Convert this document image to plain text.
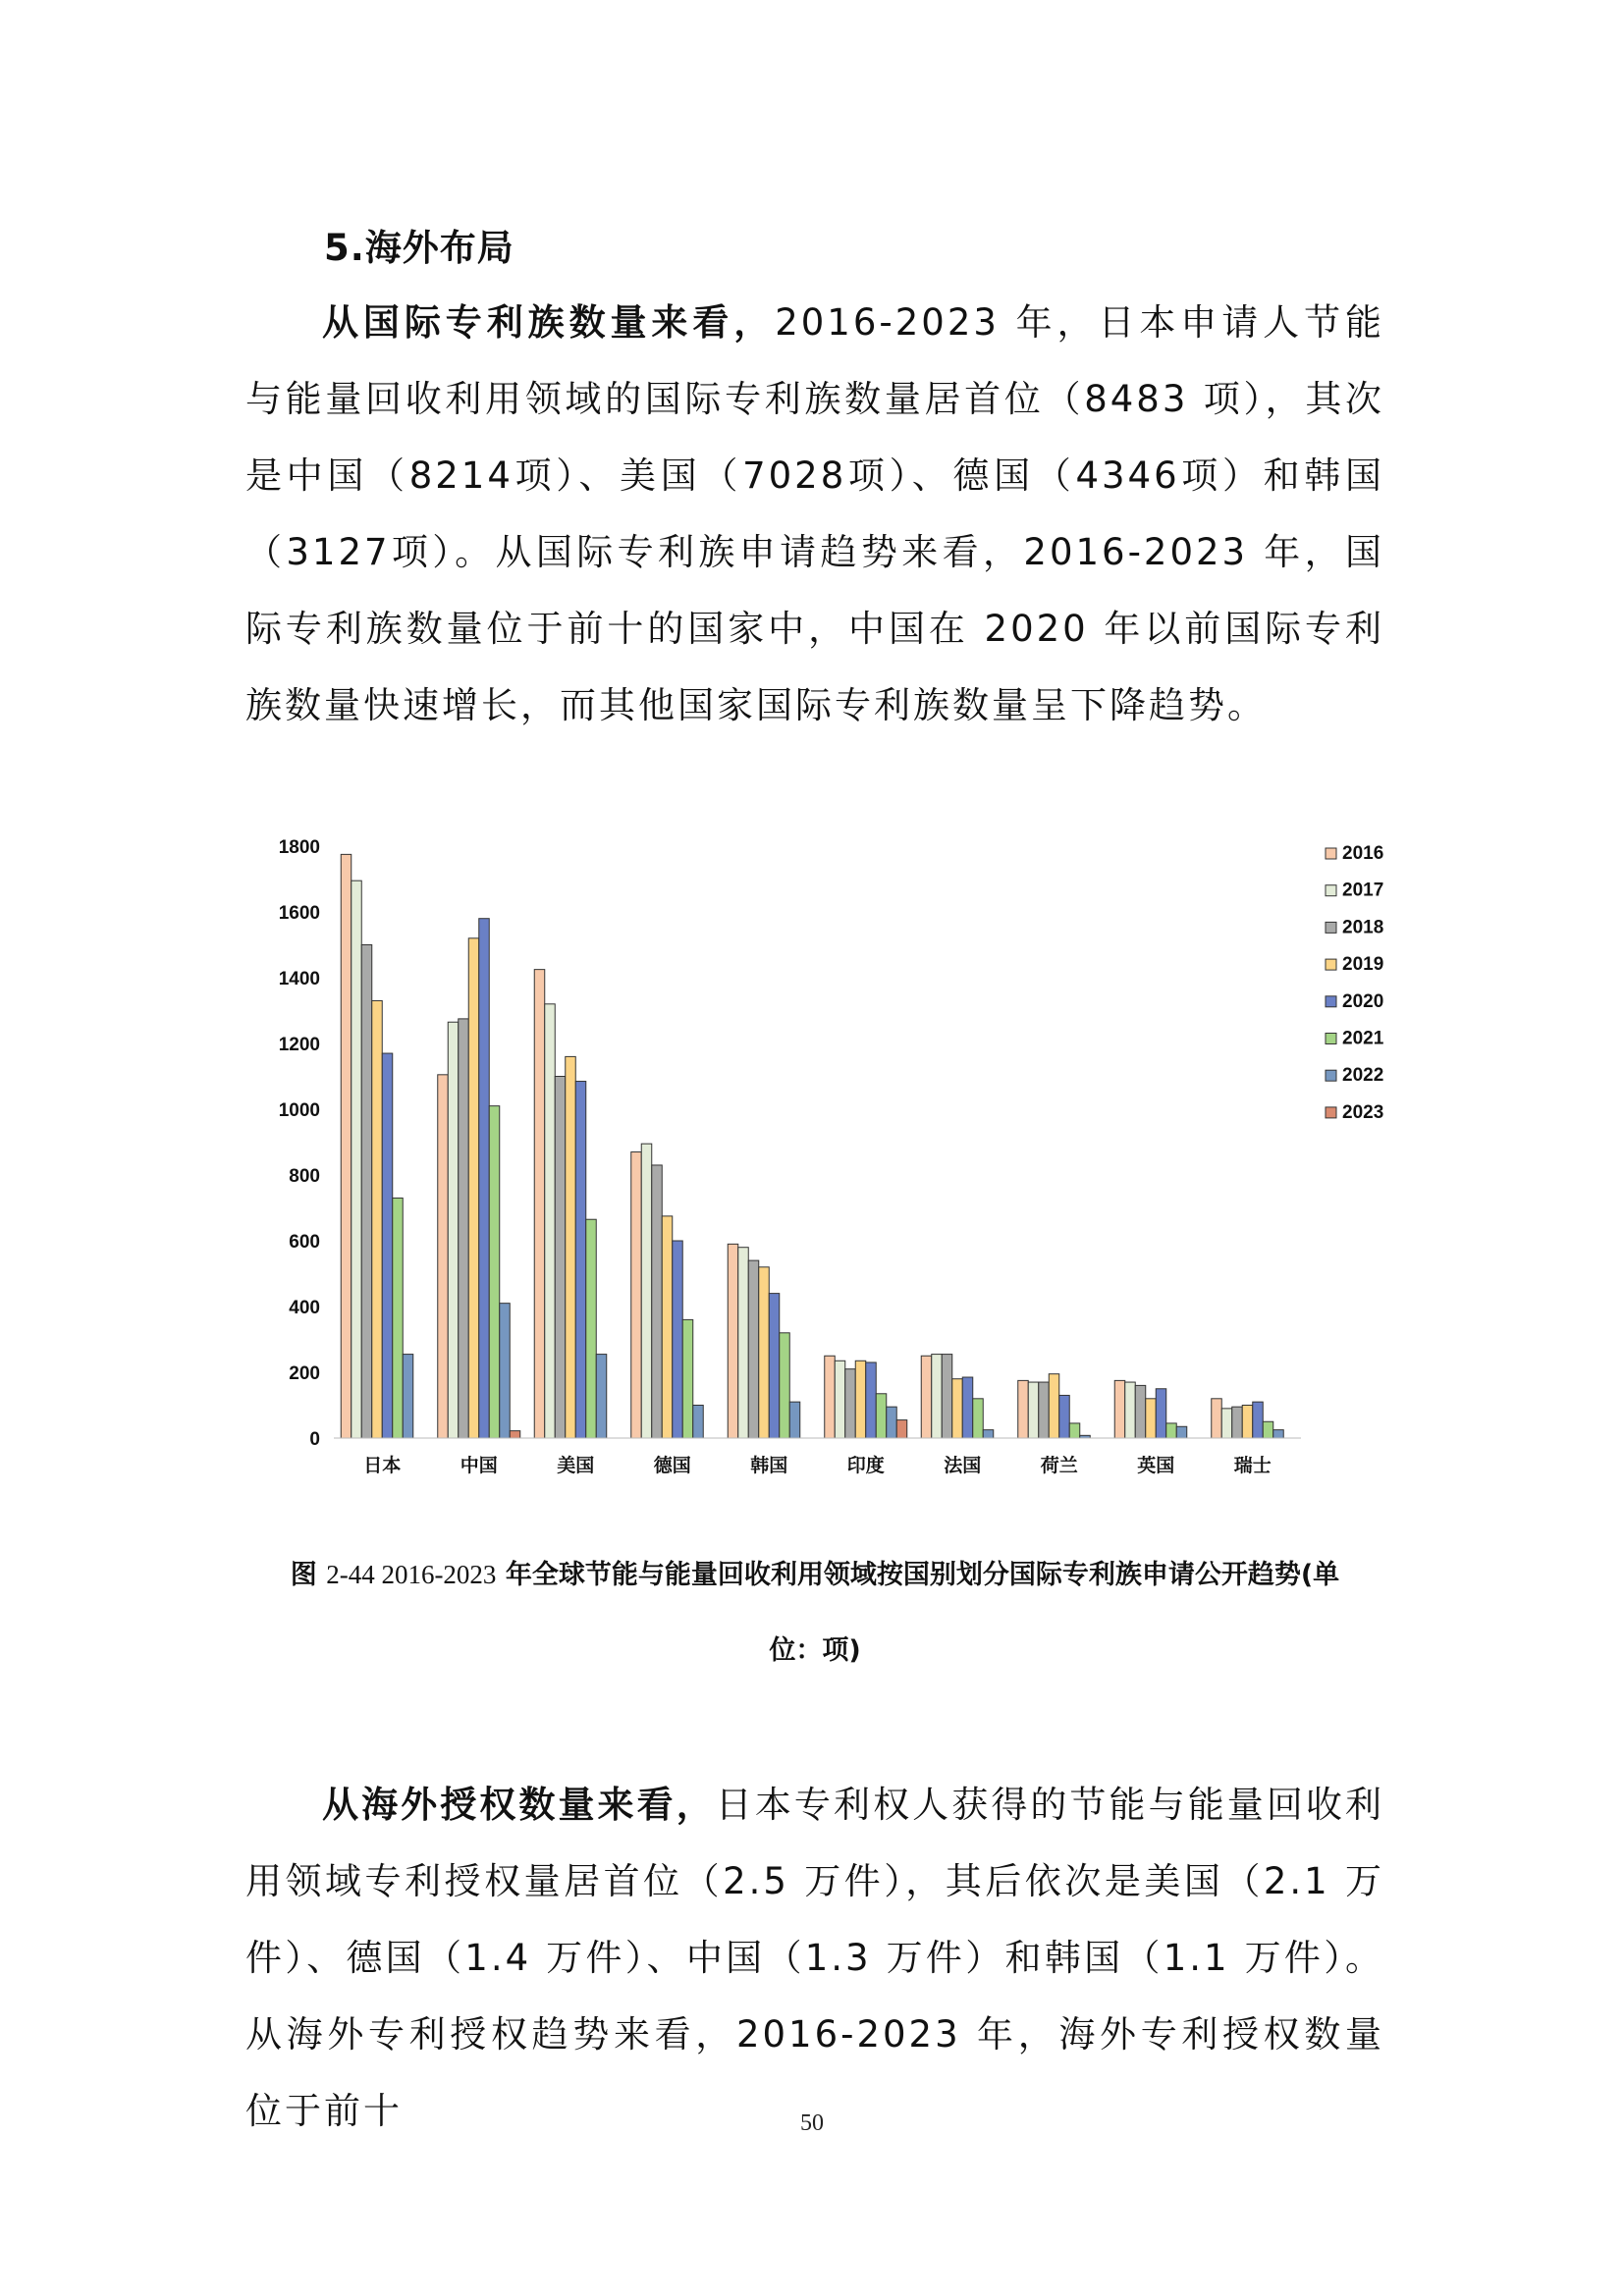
5.海外布局

从国际专利族数量来看，2016-2023 年，日本申请人节能与能量回收利用领域的国际专利族数量居首位（8483 项），其次是中国（8214项）、美国（7028项）、德国（4346项）和韩国（3127项）。从国际专利族申请趋势来看，2016-2023 年，国际专利族数量位于前十的国家中，中国在 2020 年以前国际专利族数量快速增长，而其他国家国际专利族数量呈下降趋势。

0
200
400
600
800
1000
1200
1400
1600
1800
日本	中国	美国	德国	韩国	印度	法国	荷兰	英国	瑞士
2016
2017
2018
2019
2020
2021
2022
2023
图 2-44 2016-2023 年全球节能与能量回收利用领域按国别划分国际专利族申请公开趋势(单
位：项)

从海外授权数量来看，日本专利权人获得的节能与能量回收利用领域专利授权量居首位（2.5 万件），其后依次是美国（2.1 万件）、德国（1.4 万件）、中国（1.3 万件）和韩国（1.1 万件）。从海外专利授权趋势来看，2016-2023 年，海外专利授权数量位于前十	50
